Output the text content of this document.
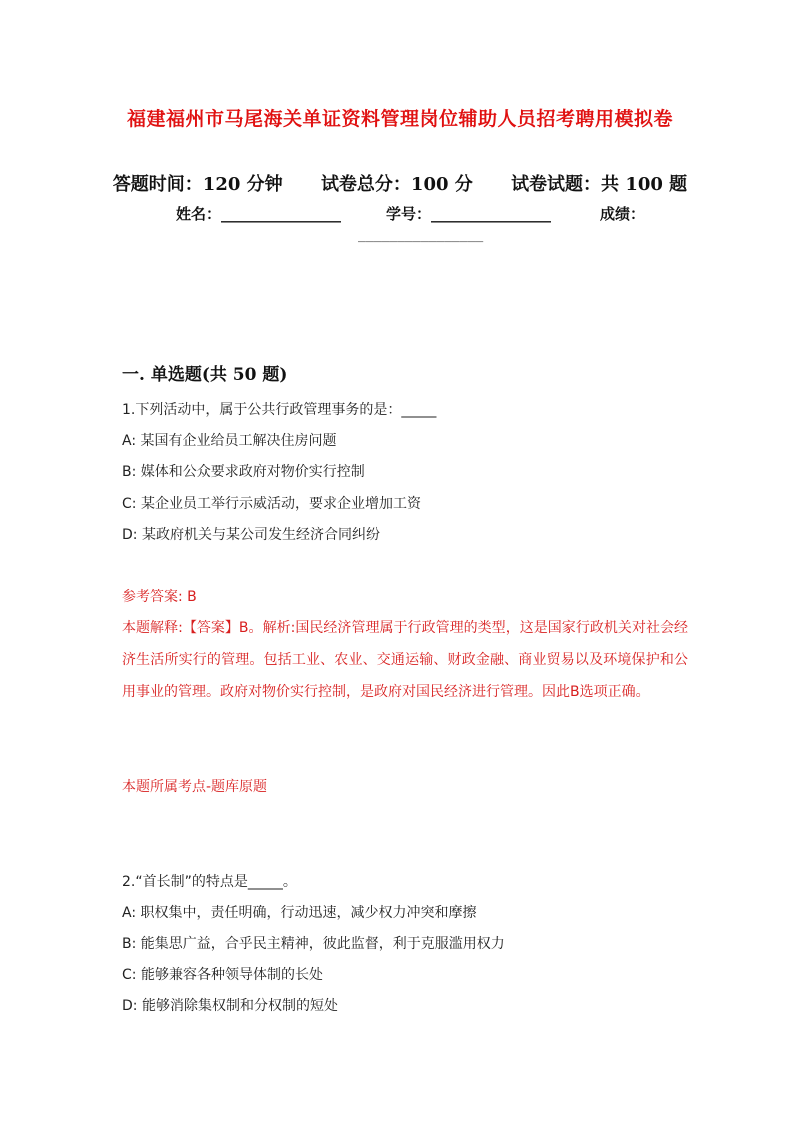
福建福州市马尾海关单证资料管理岗位辅助人员招考聘用模拟卷
答题时间：120 分钟 试卷总分：100 分 试卷试题：共 100 题
姓名：________________	学号：________________	成绩：
________________
一. 单选题(共 50 题)
1.下列活动中，属于公共行政管理事务的是：_____
A: 某国有企业给员工解决住房问题
B: 媒体和公众要求政府对物价实行控制
C: 某企业员工举行示威活动，要求企业增加工资
D: 某政府机关与某公司发生经济合同纠纷
参考答案: B
本题解释:【答案】B。解析:国民经济管理属于行政管理的类型，这是国家行政机关对社会经济生活所实行的管理。包括工业、农业、交通运输、财政金融、商业贸易以及环境保护和公用事业的管理。政府对物价实行控制，是政府对国民经济进行管理。因此B选项正确。
本题所属考点-题库原题
2.“首长制”的特点是_____。
A: 职权集中，责任明确，行动迅速，减少权力冲突和摩擦
B: 能集思广益，合乎民主精神，彼此监督，利于克服滥用权力
C: 能够兼容各种领导体制的长处
D: 能够消除集权制和分权制的短处
